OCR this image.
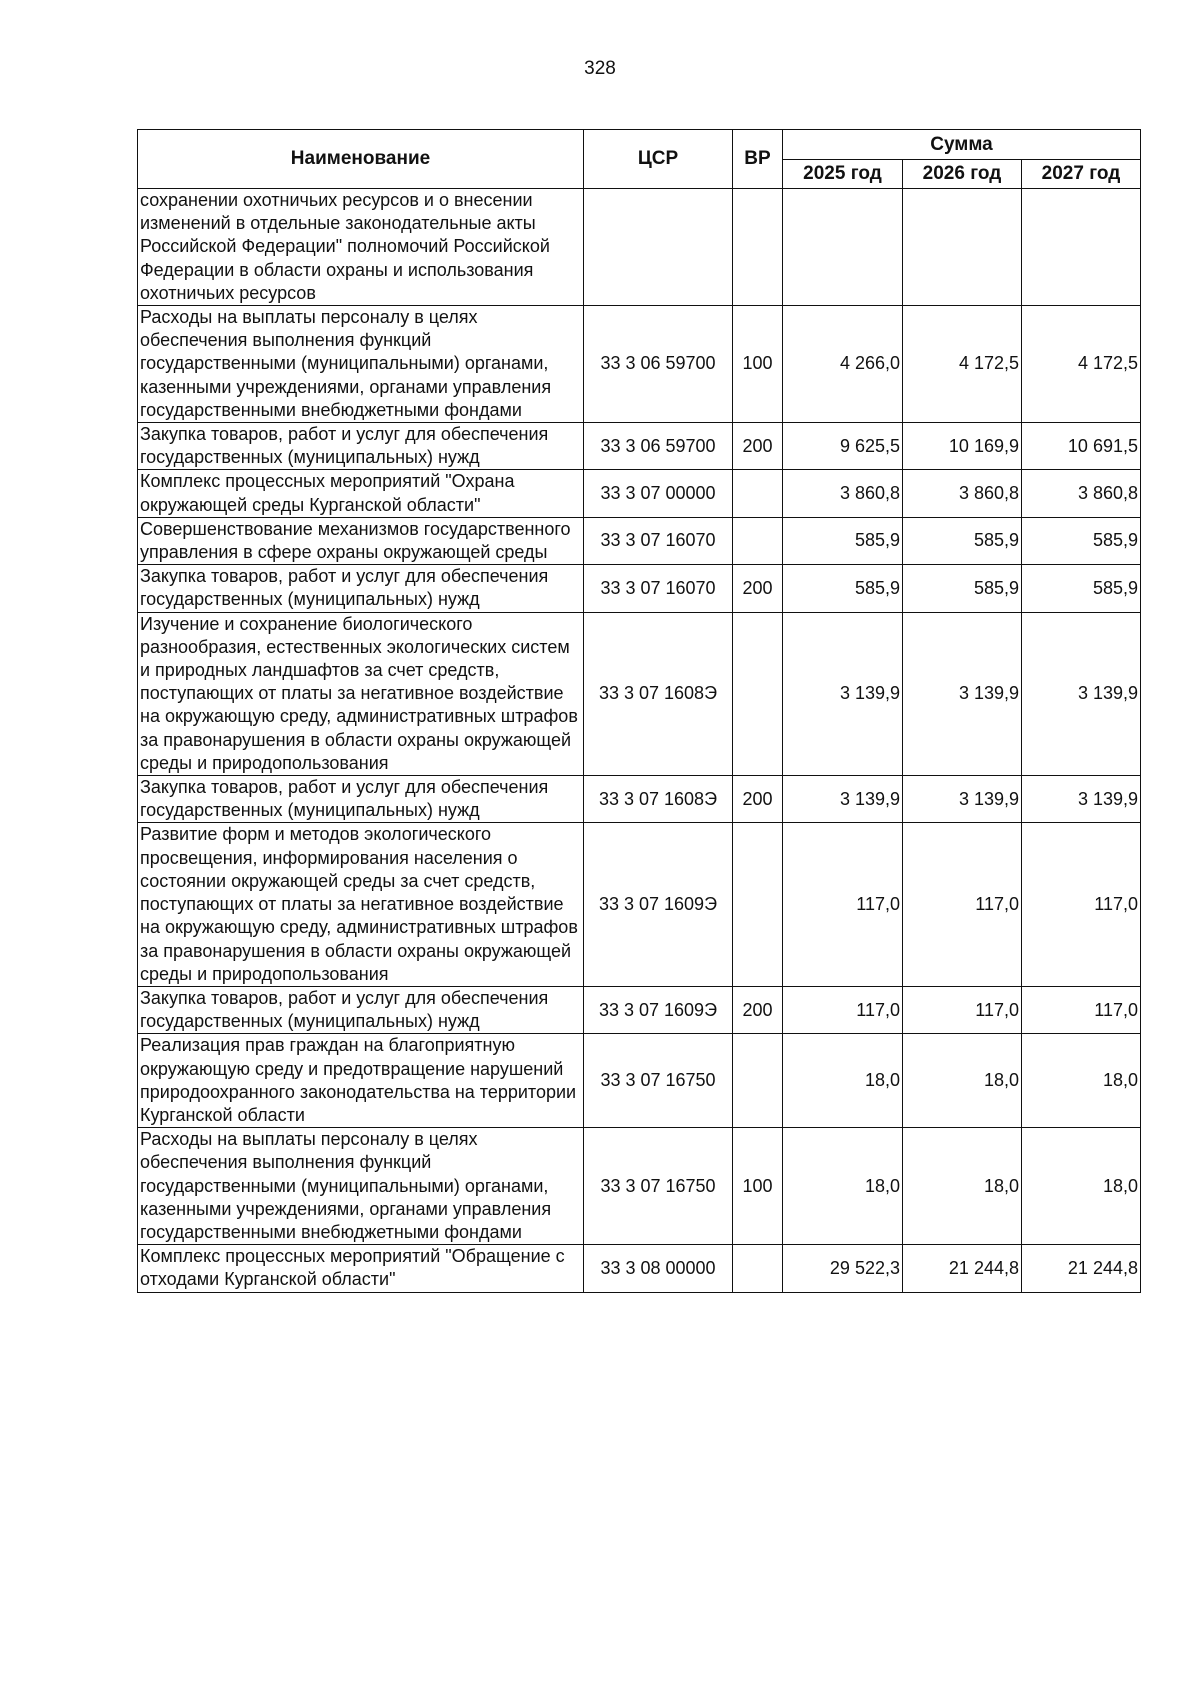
328
Наименование	ЦСР	ВР	Сумма		
			2025 год	2026 год	2027 год
сохранении охотничьих ресурсов и о внесении изменений в отдельные законодательные акты Российской Федерации" полномочий Российской Федерации в области охраны и использования охотничьих ресурсов					
Расходы на выплаты персоналу в целях обеспечения выполнения функций государственными (муниципальными) органами, казенными учреждениями, органами управления государственными внебюджетными фондами	33 3 06 59700	100	4 266,0	4 172,5	4 172,5
Закупка товаров, работ и услуг для обеспечения государственных (муниципальных) нужд	33 3 06 59700	200	9 625,5	10 169,9	10 691,5
Комплекс процессных мероприятий "Охрана окружающей среды Курганской области"	33 3 07 00000		3 860,8	3 860,8	3 860,8
Совершенствование механизмов государственного управления в сфере охраны окружающей среды	33 3 07 16070		585,9	585,9	585,9
Закупка товаров, работ и услуг для обеспечения государственных (муниципальных) нужд	33 3 07 16070	200	585,9	585,9	585,9
Изучение и сохранение биологического разнообразия, естественных экологических систем и природных ландшафтов за счет средств, поступающих от платы за негативное воздействие на окружающую среду, административных штрафов за правонарушения в области охраны окружающей среды и природопользования	33 3 07 1608Э		3 139,9	3 139,9	3 139,9
Закупка товаров, работ и услуг для обеспечения государственных (муниципальных) нужд	33 3 07 1608Э	200	3 139,9	3 139,9	3 139,9
Развитие форм и методов экологического просвещения, информирования населения о состоянии окружающей среды за счет средств, поступающих от платы за негативное воздействие на окружающую среду, административных штрафов за правонарушения в области охраны окружающей среды и природопользования	33 3 07 1609Э		117,0	117,0	117,0
Закупка товаров, работ и услуг для обеспечения государственных (муниципальных) нужд	33 3 07 1609Э	200	117,0	117,0	117,0
Реализация прав граждан на благоприятную окружающую среду и предотвращение нарушений природоохранного законодательства на территории Курганской области	33 3 07 16750		18,0	18,0	18,0
Расходы на выплаты персоналу в целях обеспечения выполнения функций государственными (муниципальными) органами, казенными учреждениями, органами управления государственными внебюджетными фондами	33 3 07 16750	100	18,0	18,0	18,0
Комплекс процессных мероприятий "Обращение с отходами Курганской области"	33 3 08 00000		29 522,3	21 244,8	21 244,8
